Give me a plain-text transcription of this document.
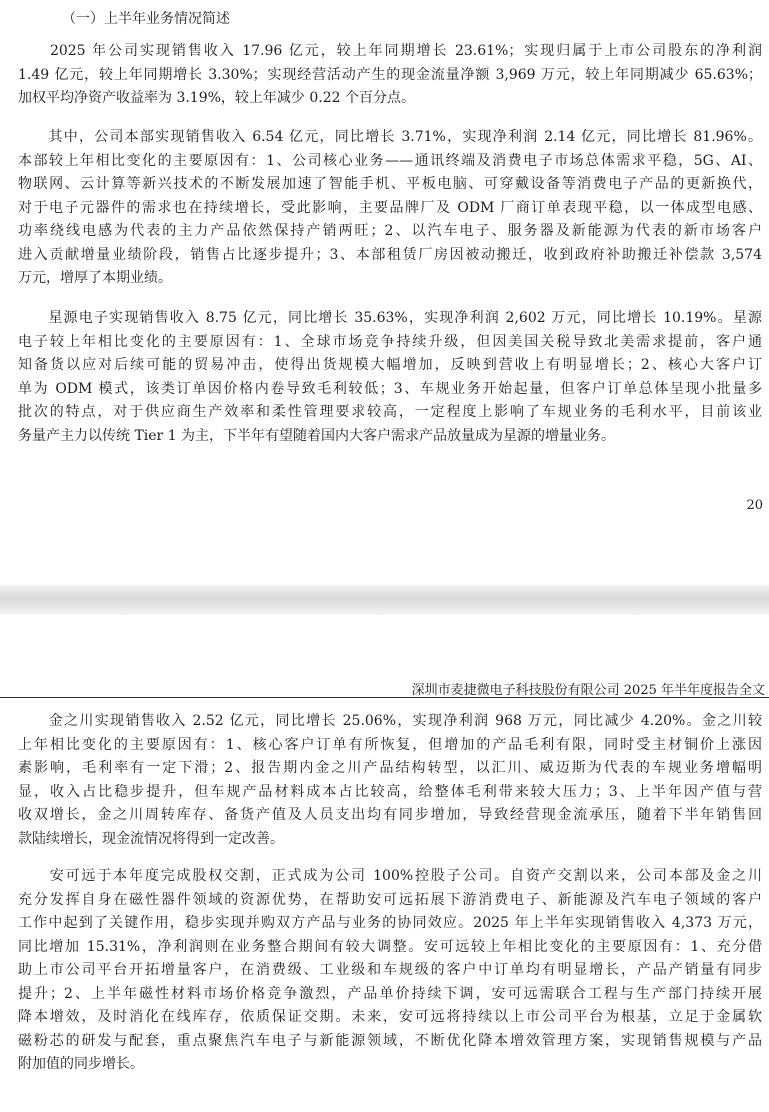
（一）上半年业务情况简述
　　2025 年公司实现销售收入 17.96 亿元，较上年同期增长 23.61%；实现归属于上市公司股东的净利润
1.49 亿元，较上年同期增长 3.30%；实现经营活动产生的现金流量净额 3,969 万元，较上年同期减少 65.63%；
加权平均净资产收益率为 3.19%，较上年减少 0.22 个百分点。
　　其中，公司本部实现销售收入 6.54 亿元，同比增长 3.71%，实现净利润 2.14 亿元，同比增长 81.96%。
本部较上年相比变化的主要原因有：1、公司核心业务——通讯终端及消费电子市场总体需求平稳，5G、AI、
物联网、云计算等新兴技术的不断发展加速了智能手机、平板电脑、可穿戴设备等消费电子产品的更新换代，
对于电子元器件的需求也在持续增长，受此影响，主要品牌厂及 ODM 厂商订单表现平稳，以一体成型电感、
功率绕线电感为代表的主力产品依然保持产销两旺；2、以汽车电子、服务器及新能源为代表的新市场客户
进入贡献增量业绩阶段，销售占比逐步提升；3、本部租赁厂房因被动搬迁，收到政府补助搬迁补偿款 3,574
万元，增厚了本期业绩。
　　星源电子实现销售收入 8.75 亿元，同比增长 35.63%，实现净利润 2,602 万元，同比增长 10.19%。星源
电子较上年相比变化的主要原因有：1、全球市场竞争持续升级，但因美国关税导致北美需求提前，客户通
知备货以应对后续可能的贸易冲击，使得出货规模大幅增加，反映到营收上有明显增长；2、核心大客户订
单为 ODM 模式，该类订单因价格内卷导致毛利较低；3、车规业务开始起量，但客户订单总体呈现小批量多
批次的特点，对于供应商生产效率和柔性管理要求较高，一定程度上影响了车规业务的毛利水平，目前该业
务量产主力以传统 Tier 1 为主，下半年有望随着国内大客户需求产品放量成为星源的增量业务。
20
深圳市麦捷微电子科技股份有限公司 2025 年半年度报告全文
　　金之川实现销售收入 2.52 亿元，同比增长 25.06%，实现净利润 968 万元，同比减少 4.20%。金之川较
上年相比变化的主要原因有：1、核心客户订单有所恢复，但增加的产品毛利有限，同时受主材铜价上涨因
素影响，毛利率有一定下滑；2、报告期内金之川产品结构转型，以汇川、威迈斯为代表的车规业务增幅明
显，收入占比稳步提升，但车规产品材料成本占比较高，给整体毛利带来较大压力；3、上半年因产值与营
收双增长，金之川周转库存、备货产值及人员支出均有同步增加，导致经营现金流承压，随着下半年销售回
款陆续增长，现金流情况将得到一定改善。
　　安可远于本年度完成股权交割，正式成为公司 100%控股子公司。自资产交割以来，公司本部及金之川
充分发挥自身在磁性器件领域的资源优势，在帮助安可远拓展下游消费电子、新能源及汽车电子领域的客户
工作中起到了关键作用，稳步实现并购双方产品与业务的协同效应。2025 年上半年实现销售收入 4,373 万元，
同比增加 15.31%，净利润则在业务整合期间有较大调整。安可远较上年相比变化的主要原因有：1、充分借
助上市公司平台开拓增量客户，在消费级、工业级和车规级的客户中订单均有明显增长，产品产销量有同步
提升；2、上半年磁性材料市场价格竞争激烈，产品单价持续下调，安可远需联合工程与生产部门持续开展
降本增效，及时消化在线库存，依质保证交期。未来，安可远将持续以上市公司平台为根基，立足于金属软
磁粉芯的研发与配套，重点聚焦汽车电子与新能源领域，不断优化降本增效管理方案，实现销售规模与产品
附加值的同步增长。
